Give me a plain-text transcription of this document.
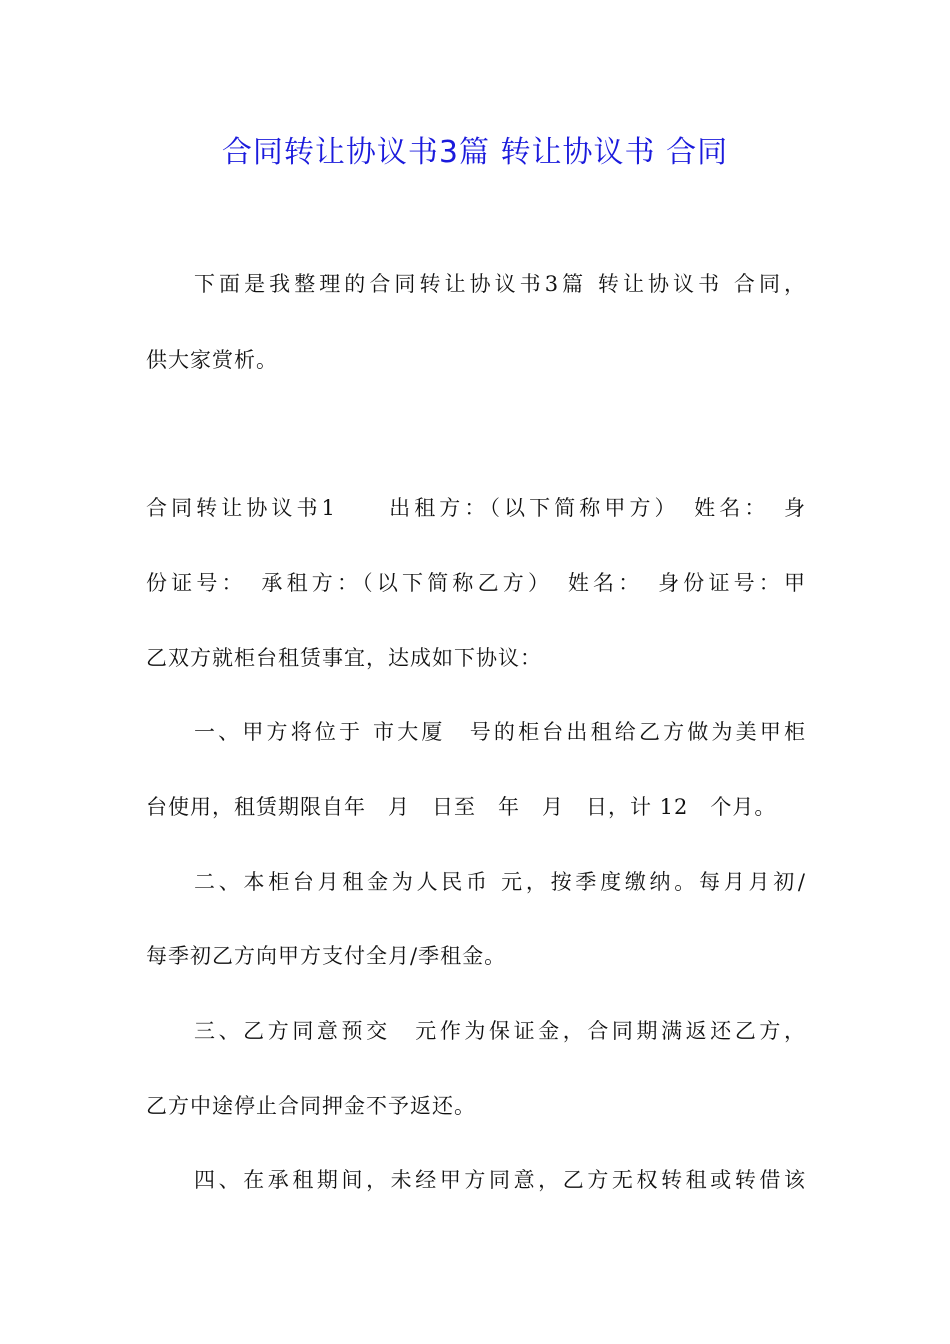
合同转让协议书3篇 转让协议书 合同
下面是我整理的合同转让协议书3篇 转让协议书 合同，
供大家赏析。
合同转让协议书1　　出租方：（以下简称甲方）　姓名：　身
份证号：　承租方：（以下简称乙方）　姓名：　身份证号：甲
乙双方就柜台租赁事宜，达成如下协议：
一、甲方将位于 市大厦　号的柜台出租给乙方做为美甲柜
台使用，租赁期限自年　月　日至　年　月　日，计 12　个月。
二、本柜台月租金为人民币 元，按季度缴纳。每月月初/
每季初乙方向甲方支付全月/季租金。
三、乙方同意预交　元作为保证金，合同期满返还乙方，
乙方中途停止合同押金不予返还。
四、在承租期间，未经甲方同意，乙方无权转租或转借该
